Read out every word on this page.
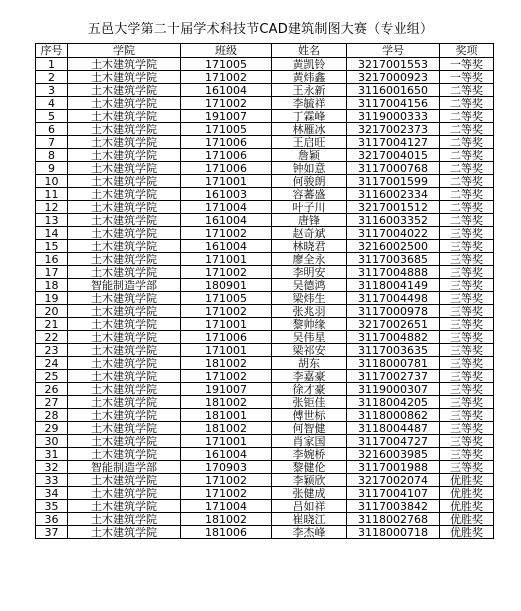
五邑大学第二十届学术科技节CAD建筑制图大赛（专业组）
序号	学院	班级	姓名	学号	奖项
1	土木建筑学院	171005	黄凯铃	3217001553	一等奖
2	土木建筑学院	171002	黄炜鑫	3217000923	一等奖
3	土木建筑学院	161004	王永新	3116001650	二等奖
4	土木建筑学院	171002	李毓祥	3117004156	二等奖
5	土木建筑学院	191007	丁霖峰	3119000333	二等奖
6	土木建筑学院	171005	林雁冰	3217002373	二等奖
7	土木建筑学院	171006	王启旺	3117004127	二等奖
8	土木建筑学院	171006	詹颖	3217004015	二等奖
9	土木建筑学院	171006	钟如意	3117000768	二等奖
10	土木建筑学院	171001	何骏朗	3117001599	二等奖
11	土木建筑学院	161003	容蕃盛	3116002334	二等奖
12	土木建筑学院	171004	叶子川	3217001512	二等奖
13	土木建筑学院	161004	唐锋	3116003352	二等奖
14	土木建筑学院	171002	赵奇斌	3117004022	三等奖
15	土木建筑学院	161004	林晓君	3216002500	三等奖
16	土木建筑学院	171001	廖全永	3117003685	三等奖
17	土木建筑学院	171002	李明安	3117004888	三等奖
18	智能制造学部	180901	吴德鸿	3118004149	三等奖
19	土木建筑学院	171005	梁炜生	3117004498	三等奖
20	土木建筑学院	171002	张兆羽	3117000978	三等奖
21	土木建筑学院	171001	黎帅缘	3217002651	三等奖
22	土木建筑学院	171006	吴伟星	3117004882	三等奖
23	土木建筑学院	171001	梁祁安	3117003635	三等奖
24	土木建筑学院	181002	胡东	3118000781	三等奖
25	土木建筑学院	171002	李嘉豪	3117002737	三等奖
26	土木建筑学院	191007	徐才豪	3119000307	三等奖
27	土木建筑学院	181002	张钜佳	3118004205	三等奖
28	土木建筑学院	181001	傅世标	3118000862	三等奖
29	土木建筑学院	181002	何智健	3118004487	三等奖
30	土木建筑学院	171001	肖家国	3117004727	三等奖
31	土木建筑学院	161004	李婉桥	3216003985	三等奖
32	智能制造学部	170903	黎健伦	3117001988	三等奖
33	土木建筑学院	171002	李颖欣	3217002074	优胜奖
34	土木建筑学院	171002	张健成	3117004107	优胜奖
35	土木建筑学院	171004	吕如祥	3117003842	优胜奖
36	土木建筑学院	181002	崔晓江	3118002768	优胜奖
37	土木建筑学院	181006	李杰峰	3118000718	优胜奖
